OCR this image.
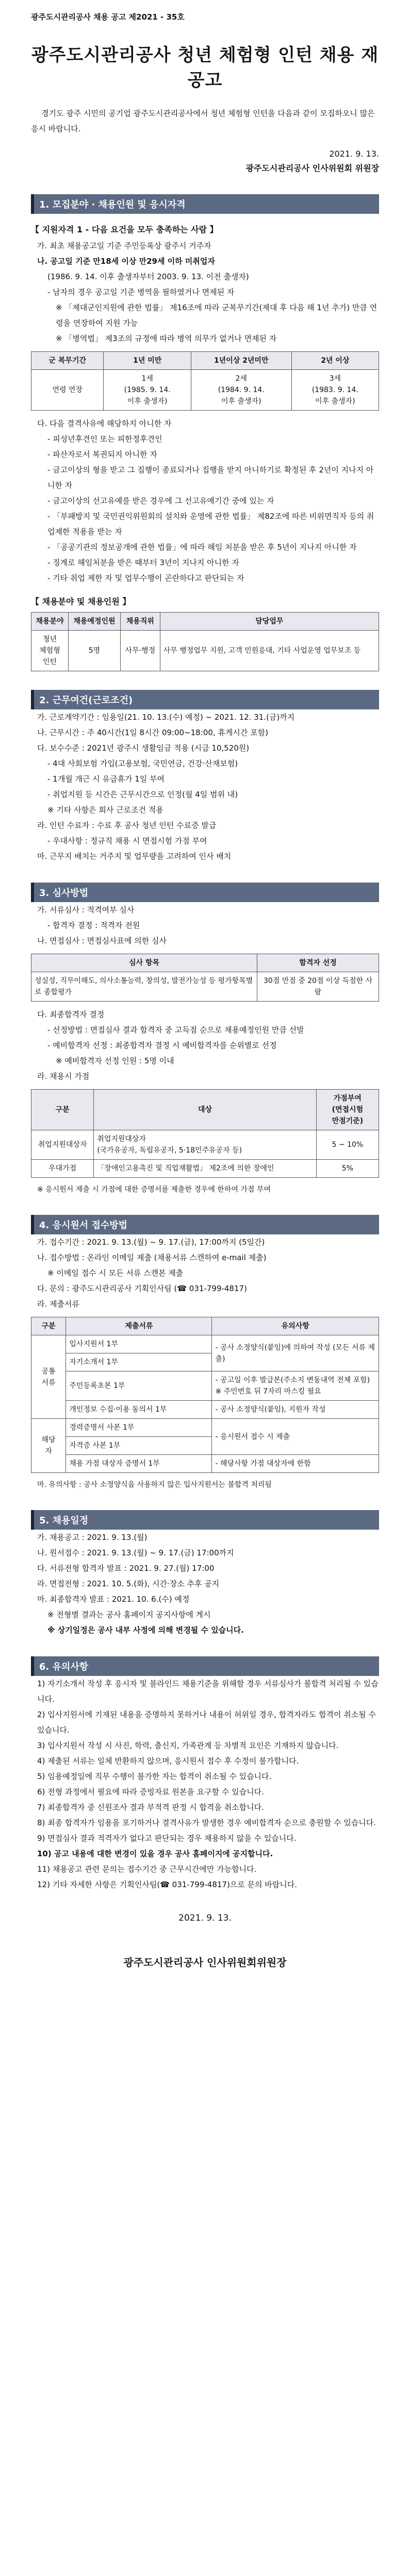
광주도시관리공사 채용 공고 제2021 - 35호
광주도시관리공사 청년 체험형 인턴 채용 재공고

경기도 광주 시민의 공기업 광주도시관리공사에서 청년 체험형 인턴을 다음과 같이 모집하오니 많은 응시 바랍니다.

2021. 9. 13.
광주도시관리공사 인사위원회 위원장
1. 모집분야 · 채용인원 및 응시자격
【 지원자격 1 - 다음 요건을 모두 충족하는 사람 】

가. 최초 채용공고일 기준 주민등록상 광주시 거주자

나. 공고일 기준 만18세 이상 만29세 이하 미취업자

(1986. 9. 14. 이후 출생자부터 2003. 9. 13. 이전 출생자)

- 남자의 경우 공고일 기준 병역을 필하였거나 면제된 자

※ 「제대군인지원에 관한 법률」 제16조에 따라 군복무기간(제대 후 다음 해 1년 추가) 만큼 연령을 연장하여 지원 가능

※ 「병역법」 제3조의 규정에 따라 병역 의무가 없거나 면제된 자

군 복무기간	1년 미만	1년이상 2년미만	2년 이상
연령 연장	1세
(1985. 9. 14.
이후 출생자)	2세
(1984. 9. 14.
이후 출생자)	3세
(1983. 9. 14.
이후 출생자)

다. 다음 결격사유에 해당하지 아니한 자

- 피성년후견인 또는 피한정후견인

- 파산자로서 복권되지 아니한 자

- 금고이상의 형을 받고 그 집행이 종료되거나 집행을 받지 아니하기로 확정된 후 2년이 지나지 아니한 자

- 금고이상의 선고유예를 받은 경우에 그 선고유예기간 중에 있는 자

- 「부패방지 및 국민권익위원회의 설치와 운영에 관한 법률」 제82조에 따른 비위면직자 등의 취업제한 적용을 받는 자

- 「공공기관의 정보공개에 관한 법률」에 따라 해임 처분을 받은 후 5년이 지나지 아니한 자

- 징계로 해임처분을 받은 때부터 3년이 지나지 아니한 자

- 기타 취업 제한 자 및 업무수행이 곤란하다고 판단되는 자

【 채용분야 및 채용인원 】
채용분야	채용예정인원	채용직위	담당업무
청년
체험형
인턴	5명	사무·행정	사무 행정업무 지원, 고객 민원응대, 기타 사업운영 업무보조 등
2. 근무여건(근로조건)

가. 근로계약기간 : 임용일(21. 10. 13.(수) 예정) ~ 2021. 12. 31.(금)까지

나. 근무시간 : 주 40시간(1일 8시간 09:00~18:00, 휴게시간 포함)

다. 보수수준 : 2021년 광주시 생활임금 적용 (시급 10,520원)

- 4대 사회보험 가입(고용보험, 국민연금, 건강·산재보험)

- 1개월 개근 시 유급휴가 1일 부여

- 취업지원 등 시간은 근무시간으로 인정(월 4일 범위 내)

※ 기타 사항은 회사 근로조건 적용

라. 인턴 수료자 : 수료 후 공사 청년 인턴 수료증 발급

- 우대사항 : 정규직 채용 시 면접시험 가점 부여

마. 근무지 배치는 거주지 및 업무량을 고려하여 인사 배치

3. 심사방법

가. 서류심사 : 적격여부 심사

- 합격자 결정 : 적격자 전원

나. 면접심사 : 면접심사표에 의한 심사

심사 항목	합격자 선정
성실성, 직무이해도, 의사소통능력, 창의성, 발전가능성 등 평가항목별로 종합평가	30점 만점 중 20점 이상 득점한 사람

다. 최종합격자 결정

- 선정방법 : 면접심사 결과 합격자 중 고득점 순으로 채용예정인원 만큼 선발

- 예비합격자 선정 : 최종합격자 결정 시 예비합격자를 순위별로 선정

※ 예비합격자 선정 인원 : 5명 이내

라. 채용시 가점

구분	대상	가점부여
(면접시험
만점기준)
취업지원대상자	취업지원대상자
(국가유공자, 독립유공자, 5·18민주유공자 등)	5 ~ 10%
우대가점	「장애인고용촉진 및 직업재활법」 제2조에 의한 장애인	5%

※ 응시원서 제출 시 가점에 대한 증명서를 제출한 경우에 한하여 가점 부여

4. 응시원서 접수방법

가. 접수기간 : 2021. 9. 13.(월) ~ 9. 17.(금), 17:00까지 (5일간)

나. 접수방법 : 온라인 이메일 제출 (채용서류 스캔하여 e-mail 제출)

※ 이메일 접수 시 모든 서류 스캔본 제출

다. 문의 : 광주도시관리공사 기획인사팀 (☎ 031-799-4817)

라. 제출서류

구분	제출서류	유의사항
공통
서류	입사지원서 1부	- 공사 소정양식(붙임)에 의하여 작성 (모든 서류 제출)
	자기소개서 1부	
	주민등록초본 1부	- 공고일 이후 발급본(주소지 변동내역 전체 포함)
※ 주민번호 뒤 7자리 마스킹 필요
	개인정보 수집·이용 동의서 1부	- 공사 소정양식(붙임), 지원자 작성
해당
자	경력증명서 사본 1부	- 응시원서 접수 시 제출
	자격증 사본 1부	
	채용 가점 대상자 증명서 1부	- 해당사항 가점 대상자에 한함

마. 유의사항 : 공사 소정양식을 사용하지 않은 입사지원서는 불합격 처리됨

5. 채용일정

가. 채용공고 : 2021. 9. 13.(월)

나. 원서접수 : 2021. 9. 13.(월) ~ 9. 17.(금) 17:00까지

다. 서류전형 합격자 발표 : 2021. 9. 27.(월) 17:00

라. 면접전형 : 2021. 10. 5.(화), 시간·장소 추후 공지

마. 최종합격자 발표 : 2021. 10. 6.(수) 예정

※ 전형별 결과는 공사 홈페이지 공지사항에 게시

※ 상기일정은 공사 내부 사정에 의해 변경될 수 있습니다.

6. 유의사항

1) 자기소개서 작성 후 응시자 및 블라인드 채용기준을 위해할 경우 서류심사가 불합격 처리될 수 있습니다.

2) 입사지원서에 기재된 내용을 증명하지 못하거나 내용이 허위일 경우, 합격자라도 합격이 취소될 수 있습니다.

3) 입사지원서 작성 시 사진, 학력, 출신지, 가족관계 등 차별적 요인은 기재하지 않습니다.

4) 제출된 서류는 일체 반환하지 않으며, 응시원서 접수 후 수정이 불가합니다.

5) 임용예정일에 직무 수행이 불가한 자는 합격이 취소될 수 있습니다.

6) 전형 과정에서 필요에 따라 증빙자료 원본을 요구할 수 있습니다.

7) 최종합격자 중 신원조사 결과 부적격 판정 시 합격을 취소합니다.

8) 최종 합격자가 임용을 포기하거나 결격사유가 발생한 경우 예비합격자 순으로 충원할 수 있습니다.

9) 면접심사 결과 적격자가 없다고 판단되는 경우 채용하지 않을 수 있습니다.

10) 공고 내용에 대한 변경이 있을 경우 공사 홈페이지에 공지합니다.

11) 채용공고 관련 문의는 접수기간 중 근무시간에만 가능합니다.

12) 기타 자세한 사항은 기획인사팀(☎ 031-799-4817)으로 문의 바랍니다.

2021. 9. 13.
광주도시관리공사 인사위원회위원장
